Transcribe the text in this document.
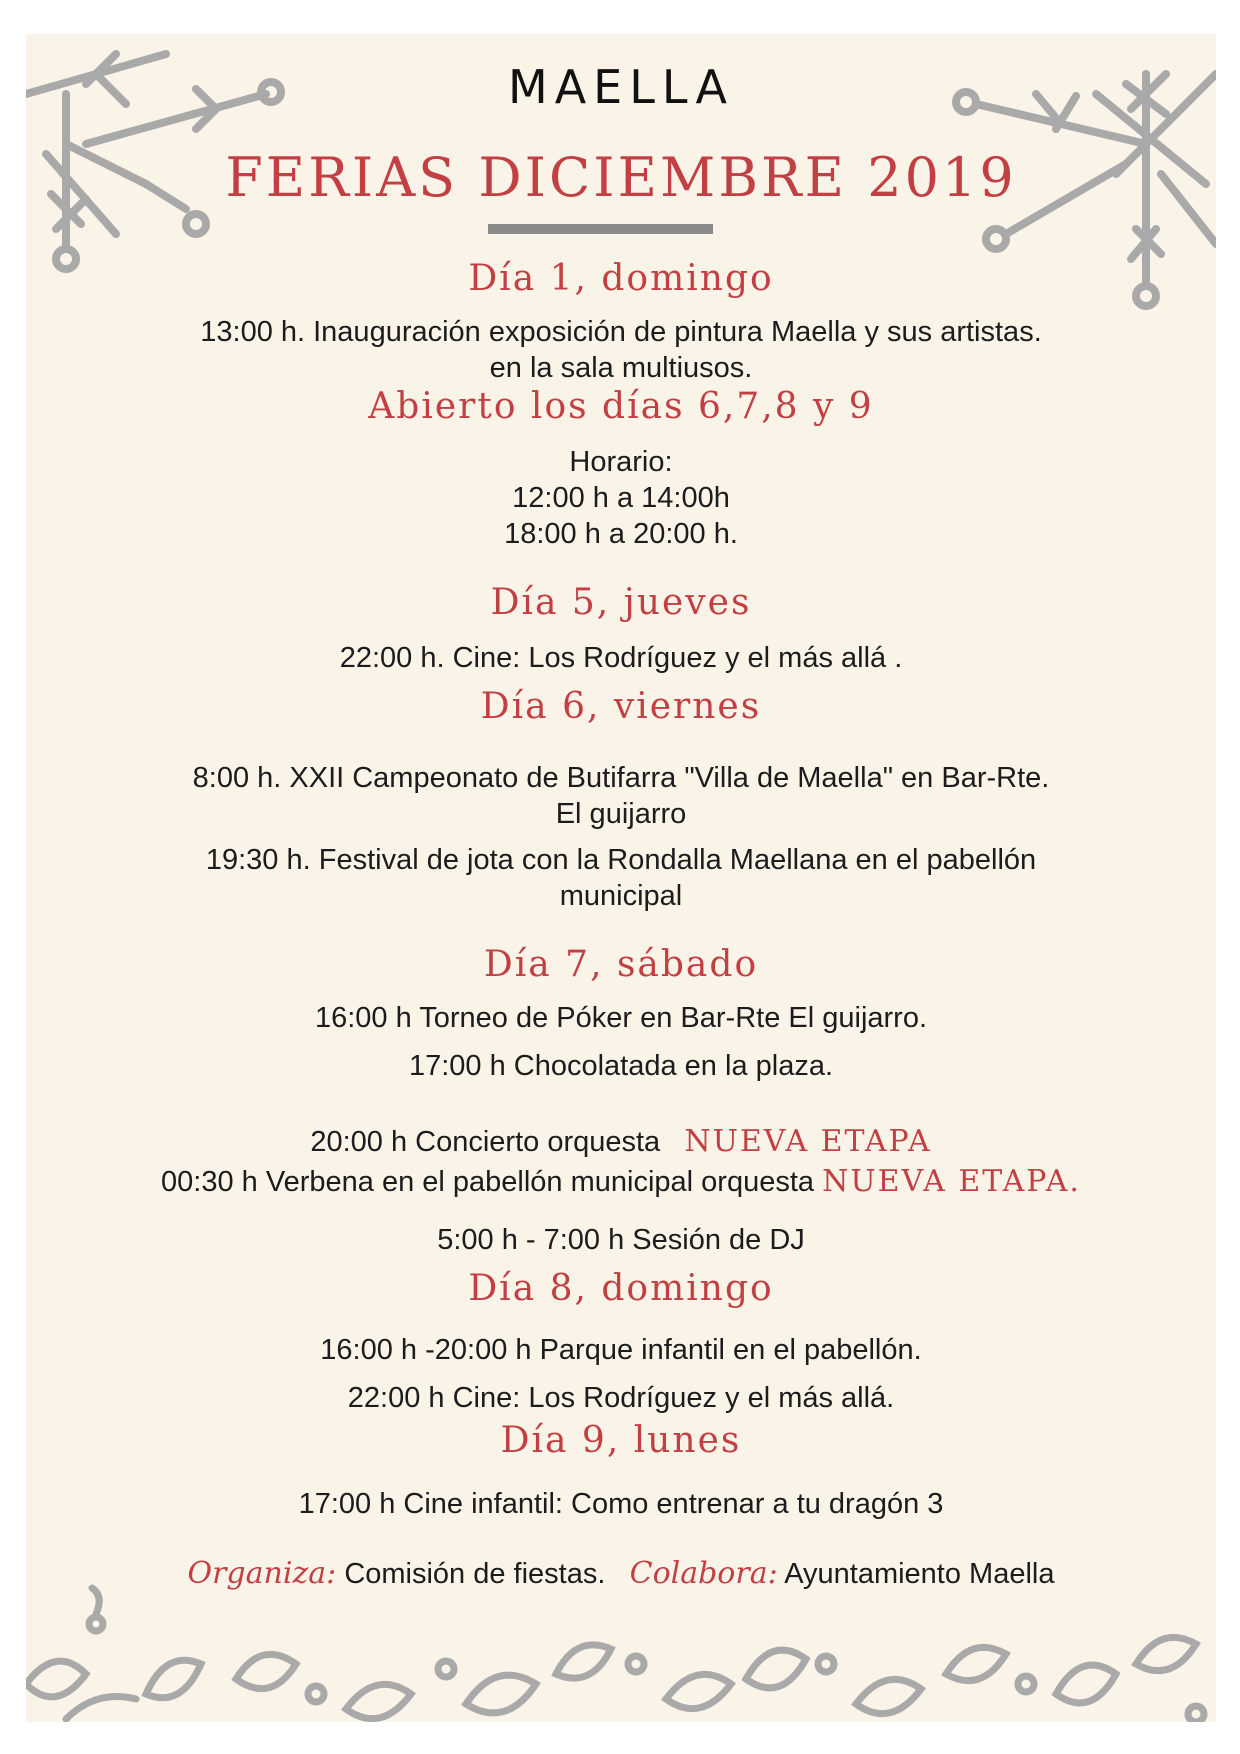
MAELLA
FERIAS DICIEMBRE 2019
Día 1, domingo
13:00 h. Inauguración exposición de pintura Maella y sus artistas.
en la sala multiusos.
Abierto los días 6,7,8 y 9
Horario:
12:00 h a 14:00h
18:00 h a 20:00 h.
Día 5, jueves
22:00 h. Cine: Los Rodríguez y el más allá .
Día 6, viernes
8:00 h. XXII Campeonato de Butifarra "Villa de Maella" en Bar-Rte.
El guijarro
19:30 h. Festival de jota con la Rondalla Maellana en el pabellón
municipal
Día 7, sábado
16:00 h Torneo de Póker en Bar-Rte El guijarro.
17:00 h Chocolatada en la plaza.
20:00 h Concierto orquesta NUEVA ETAPA
00:30 h Verbena en el pabellón municipal orquesta NUEVA ETAPA.
5:00 h - 7:00 h Sesión de DJ
Día 8, domingo
16:00 h -20:00 h Parque infantil en el pabellón.
22:00 h Cine: Los Rodríguez y el más allá.
Día 9, lunes
17:00 h Cine infantil: Como entrenar a tu dragón 3
Organiza: Comisión de fiestas. Colabora: Ayuntamiento Maella
